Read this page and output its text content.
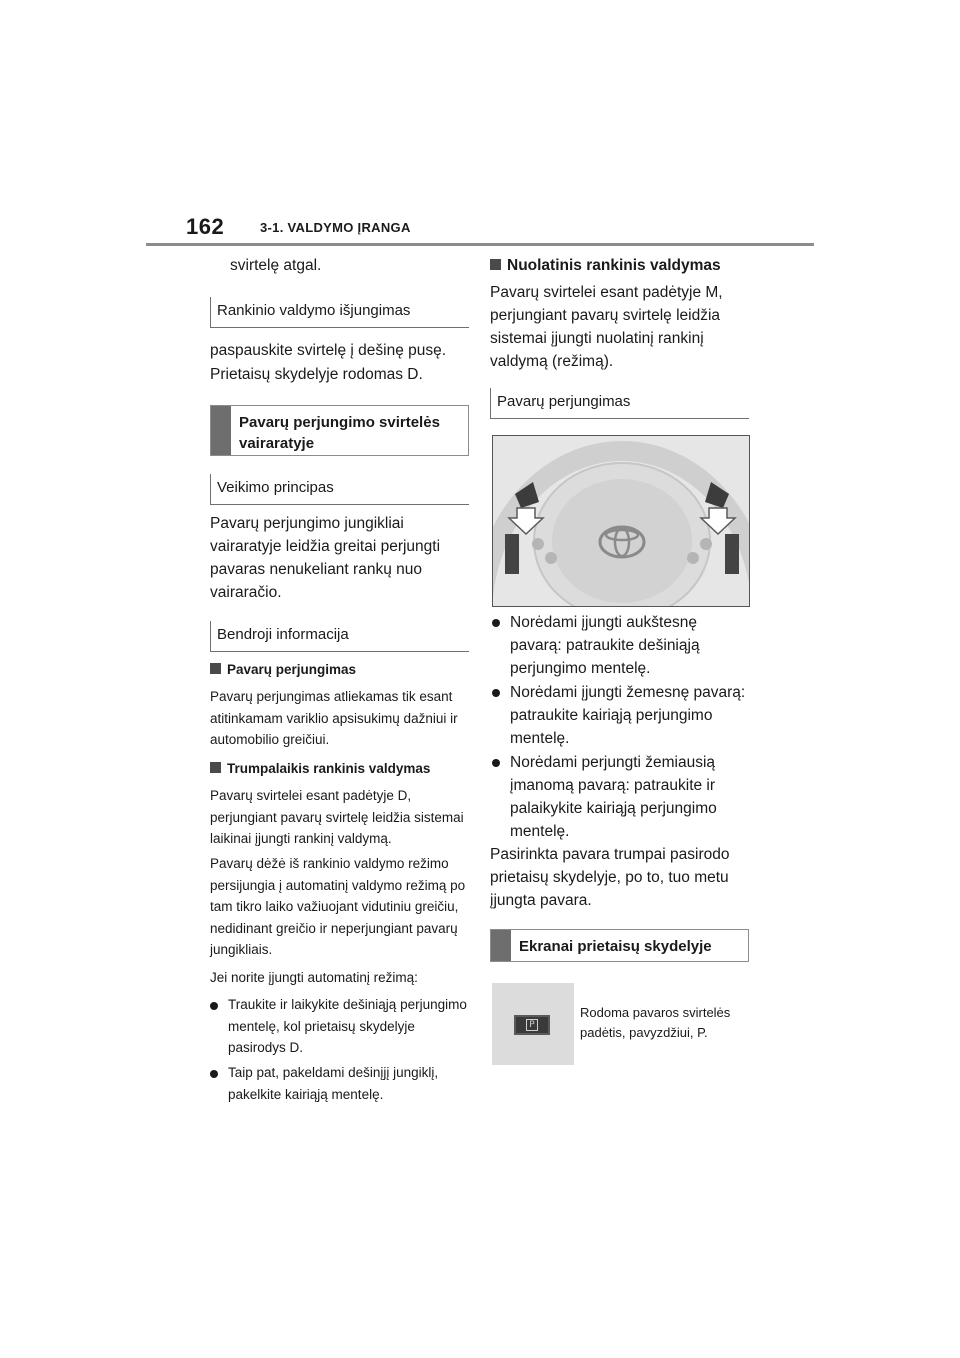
162	3-1. VALDYMO ĮRANGA
svirtelę atgal.
Rankinio valdymo išjungimas
paspauskite svirtelę į dešinę pusę.
Prietaisų skydelyje rodomas D.
Pavarų perjungimo svirtelės vairaratyje
Veikimo principas
Pavarų perjungimo jungikliai vairaratyje leidžia greitai perjungti pavaras nenukeliant rankų nuo vairaračio.
Bendroji informacija
Pavarų perjungimas
Pavarų perjungimas atliekamas tik esant atitinkamam variklio apsisukimų dažniui ir automobilio greičiui.
Trumpalaikis rankinis valdymas
Pavarų svirtelei esant padėtyje D, perjungiant pavarų svirtelę leidžia sistemai laikinai įjungti rankinį valdymą.
Pavarų dėžė iš rankinio valdymo režimo persijungia į automatinį valdymo režimą po tam tikro laiko važiuojant vidutiniu greičiu, nedidinant greičio ir neperjungiant pavarų jungikliais.
Jei norite įjungti automatinį režimą:
Traukite ir laikykite dešiniąją perjungimo mentelę, kol prietaisų skydelyje pasirodys D.
Taip pat, pakeldami dešinįjį jungiklį, pakelkite kairiąją mentelę.
Nuolatinis rankinis valdymas
Pavarų svirtelei esant padėtyje M, perjungiant pavarų svirtelę leidžia sistemai įjungti nuolatinį rankinį valdymą (režimą).
Pavarų perjungimas
Norėdami įjungti aukštesnę pavarą: patraukite dešiniąją perjungimo mentelę.
Norėdami įjungti žemesnę pavarą: patraukite kairiąją perjungimo mentelę.
Norėdami perjungti žemiausią įmanomą pavarą: patraukite ir palaikykite kairiąją perjungimo mentelę.
Pasirinkta pavara trumpai pasirodo prietaisų skydelyje, po to, tuo metu įjungta pavara.
Ekranai prietaisų skydelyje
P
Rodoma pavaros svirtelės padėtis, pavyzdžiui, P.
